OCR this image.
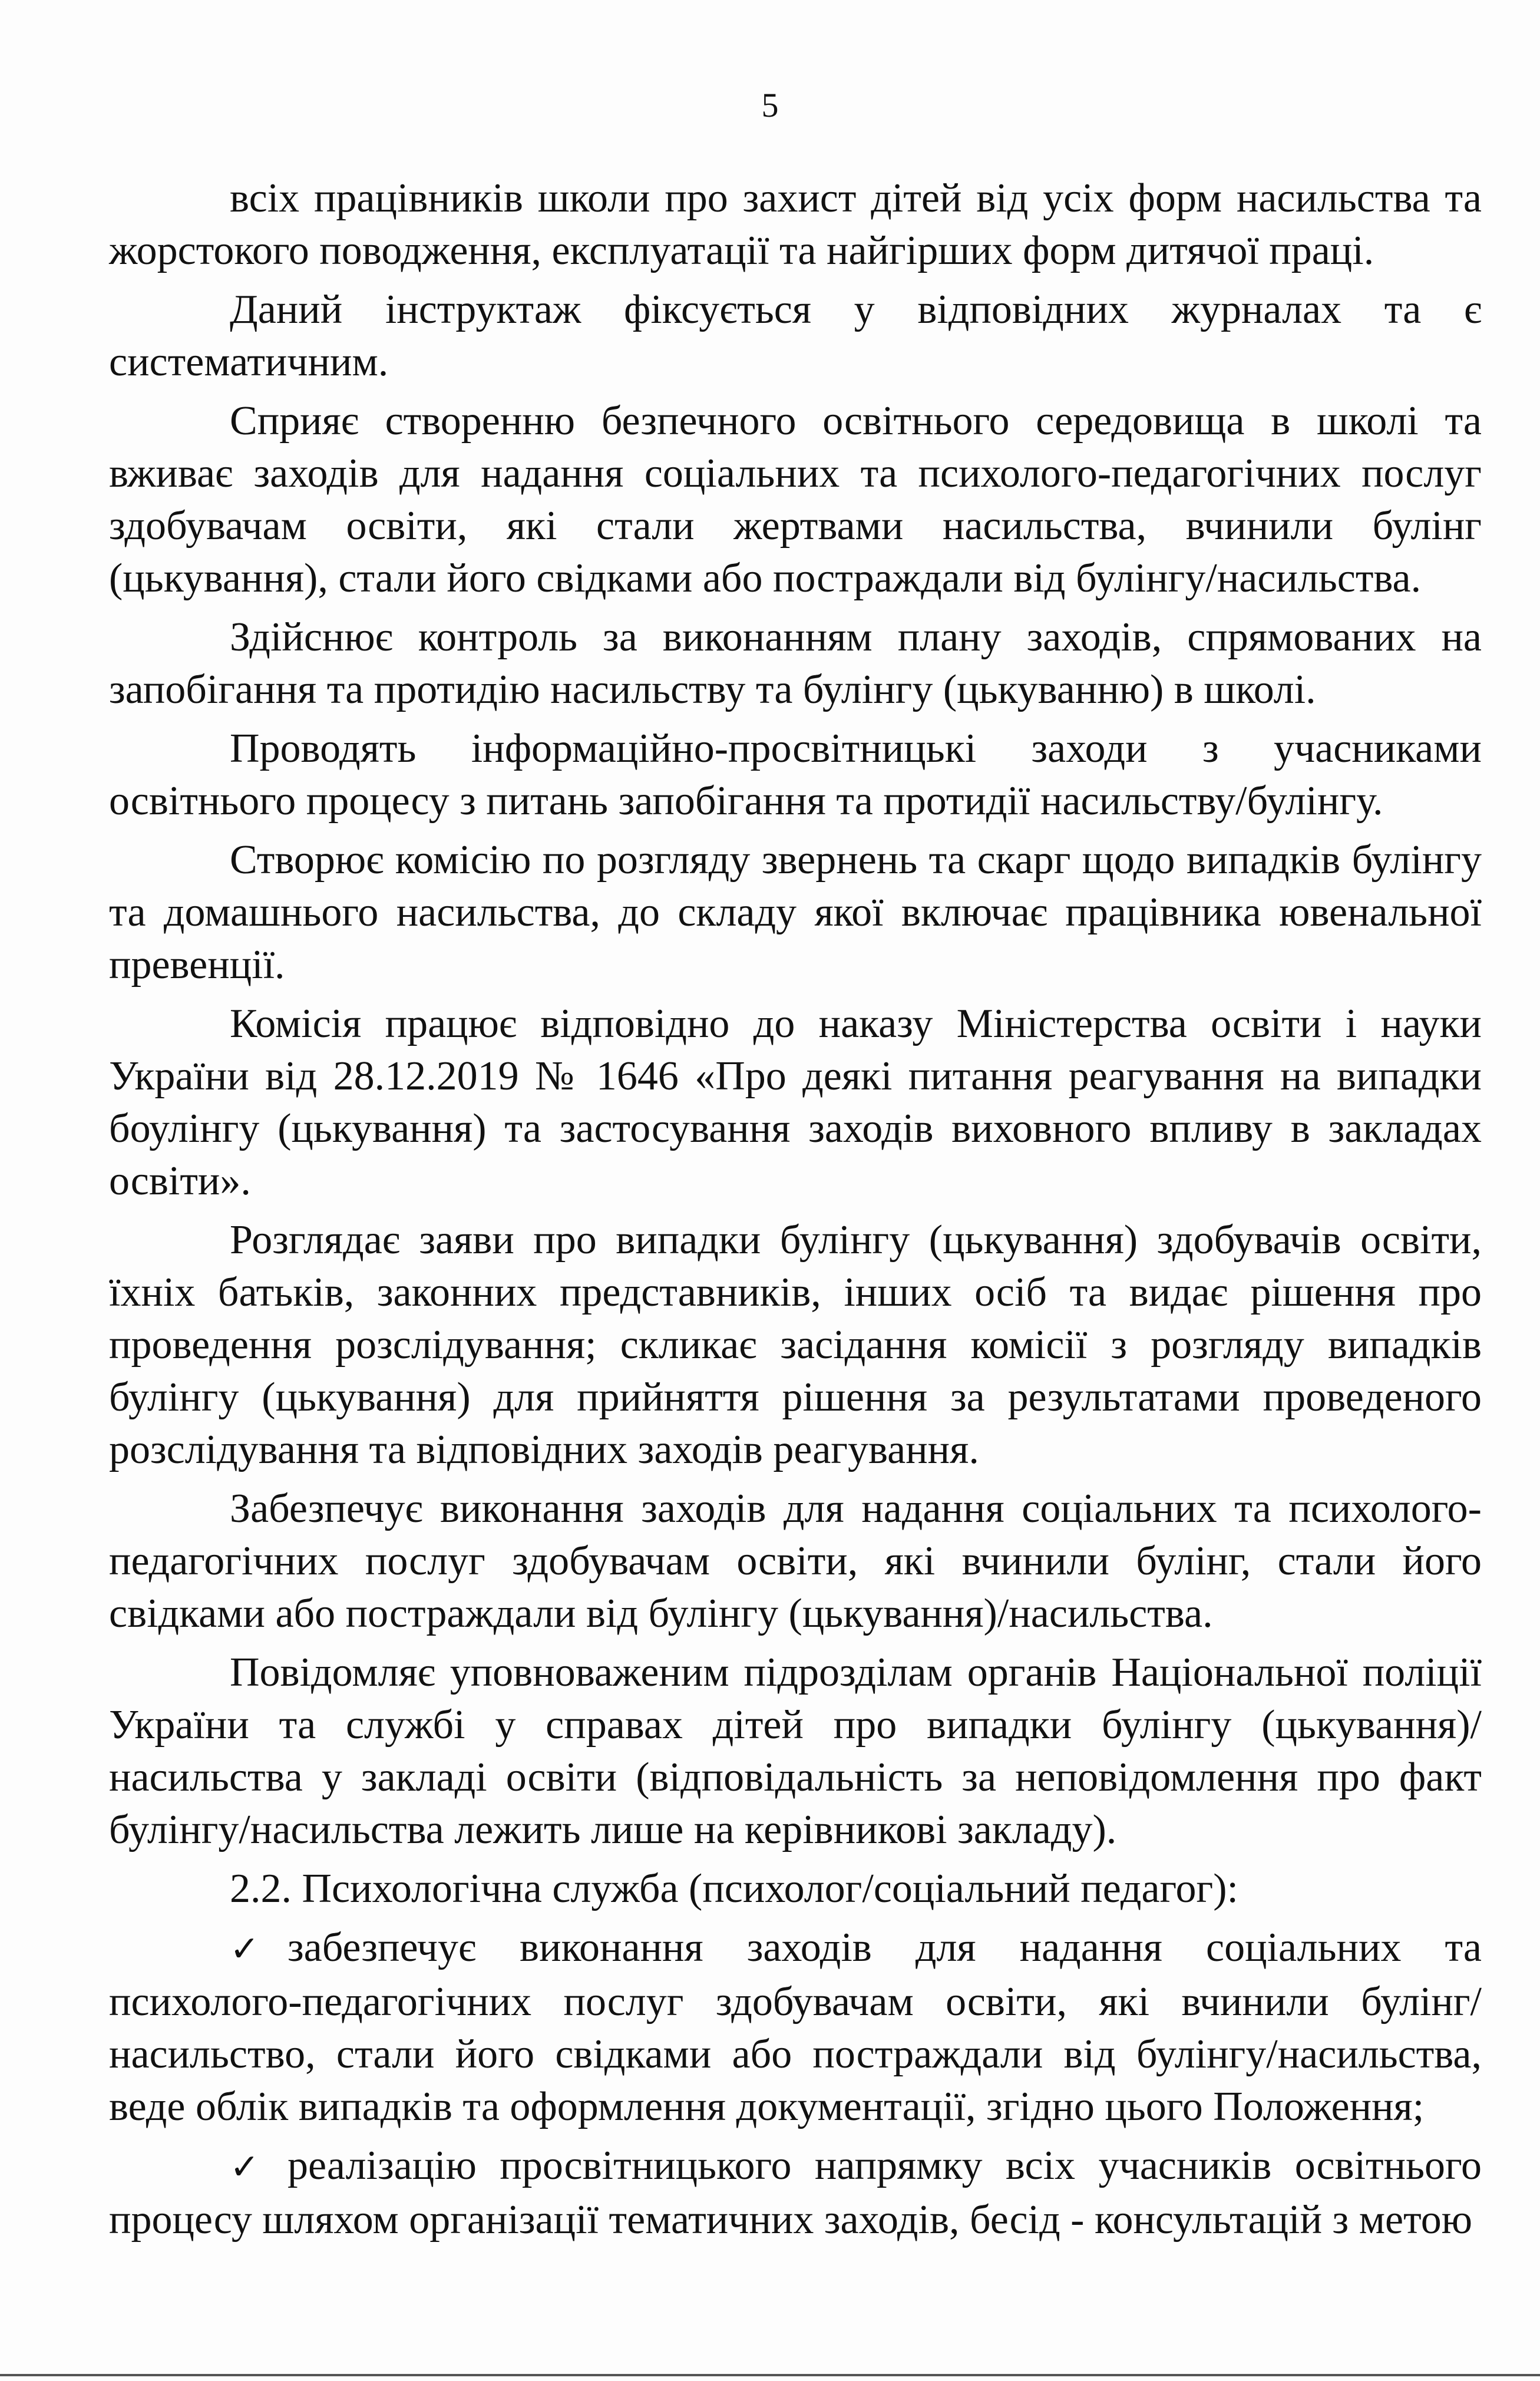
5

всіх працівників школи про захист дітей від усіх форм насильства та жорстокого поводження, експлуатації та найгірших форм дитячої праці.

Даний інструктаж фіксується у відповідних журналах та є систематичним.

Сприяє створенню безпечного освітнього середовища в школі та вживає заходів для надання соціальних та психолого-педагогічних послуг здобувачам освіти, які стали жертвами насильства, вчинили булінг (цькування), стали його свідками або постраждали від булінгу/насильства.

Здійснює контроль за виконанням плану заходів, спрямованих на запобігання та протидію насильству та булінгу (цькуванню) в школі.

Проводять інформаційно-просвітницькі заходи з учасниками освітнього процесу з питань запобігання та протидії насильству/булінгу.

Створює комісію по розгляду звернень та скарг щодо випадків булінгу та домашнього насильства, до складу якої включає працівника ювенальної превенції.

Комісія працює відповідно до наказу Міністерства освіти і науки України від 28.12.2019 № 1646 «Про деякі питання реагування на випадки боулінгу (цькування) та застосування заходів виховного впливу в закладах освіти».

Розглядає заяви про випадки булінгу (цькування) здобувачів освіти, їхніх батьків, законних представників, інших осіб та видає рішення про проведення розслідування; скликає засідання комісії з розгляду випадків булінгу (цькування) для прийняття рішення за результатами проведеного розслідування та відповідних заходів реагування.

Забезпечує виконання заходів для надання соціальних та психолого-педагогічних послуг здобувачам освіти, які вчинили булінг, стали його свідками або постраждали від булінгу (цькування)/насильства.

Повідомляє уповноваженим підрозділам органів Національної поліції України та службі у справах дітей про випадки булінгу (цькування)/насильства у закладі освіти (відповідальність за неповідомлення про факт булінгу/насильства лежить лише на керівникові закладу).

2.2. Психологічна служба (психолог/соціальний педагог):

✓ забезпечує виконання заходів для надання соціальних та психолого-педагогічних послуг здобувачам освіти, які вчинили булінг/насильство, стали його свідками або постраждали від булінгу/насильства, веде облік випадків та оформлення документації, згідно цього Положення;

✓ реалізацію просвітницького напрямку всіх учасників освітнього процесу шляхом організації тематичних заходів, бесід - консультацій з метою
